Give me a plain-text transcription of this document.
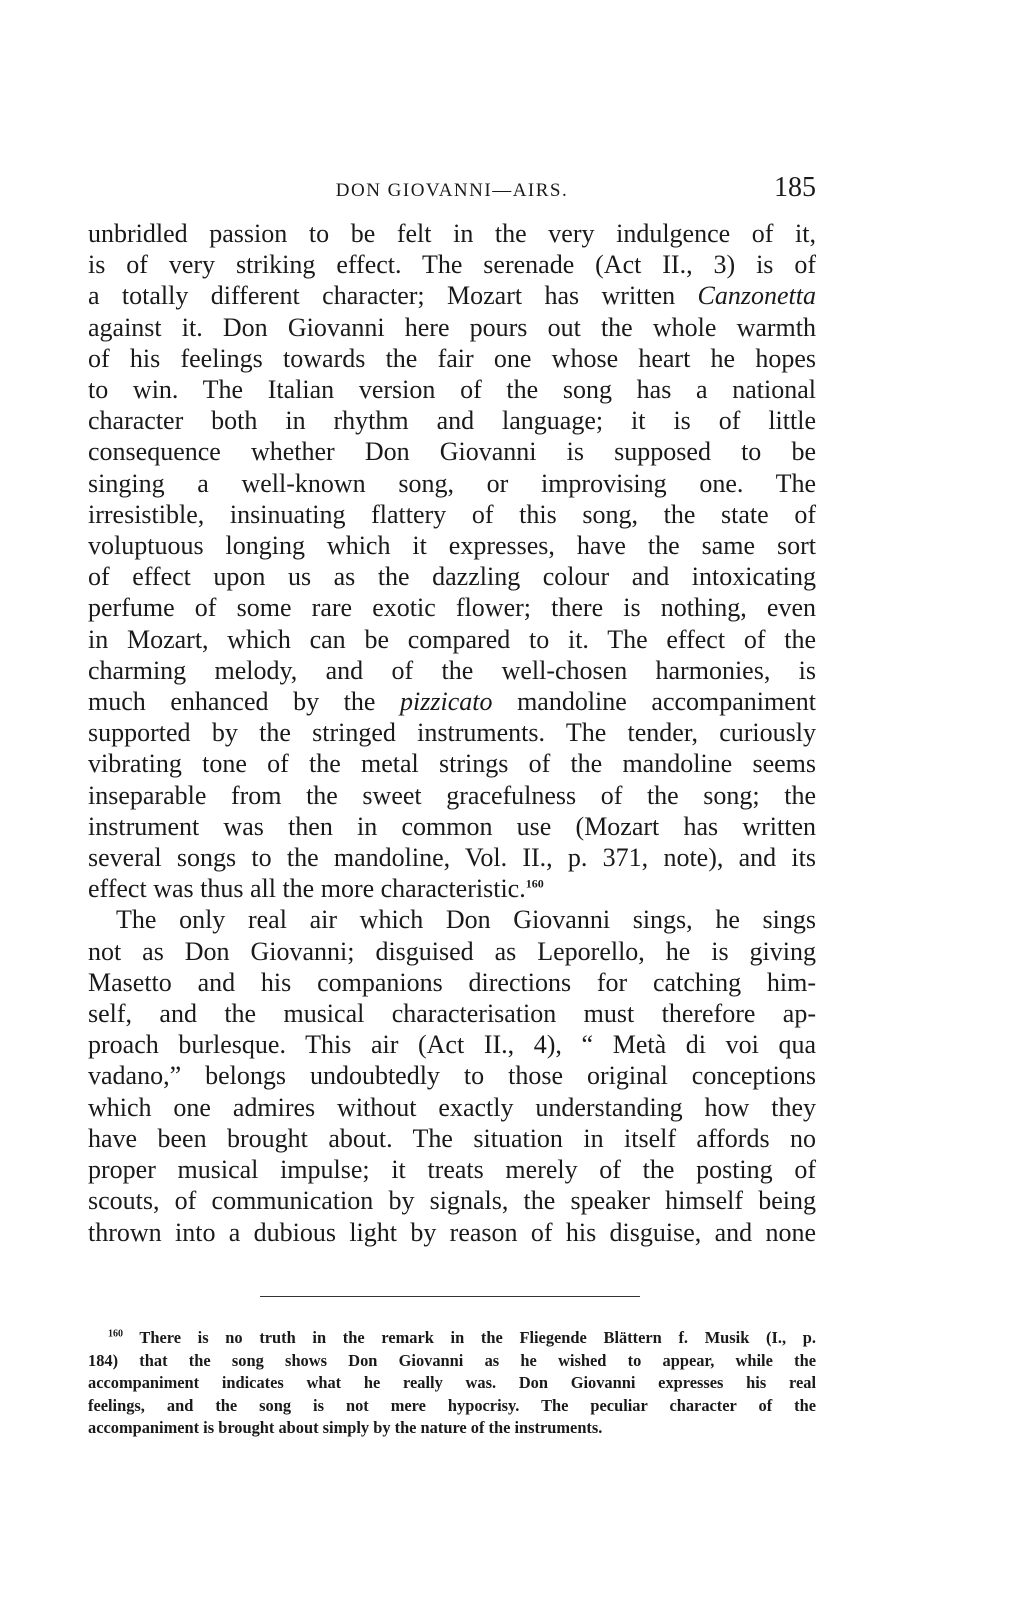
DON GIOVANNI—AIRS.	185
unbridled passion to be felt in the very indulgence of it,
is of very striking effect. The serenade (Act II., 3) is of
a totally different character; Mozart has written Canzonetta
against it. Don Giovanni here pours out the whole warmth
of his feelings towards the fair one whose heart he hopes
to win. The Italian version of the song has a national
character both in rhythm and language; it is of little
consequence whether Don Giovanni is supposed to be
singing a well-known song, or improvising one. The
irresistible, insinuating flattery of this song, the state of
voluptuous longing which it expresses, have the same sort
of effect upon us as the dazzling colour and intoxicating
perfume of some rare exotic flower; there is nothing, even
in Mozart, which can be compared to it. The effect of the
charming melody, and of the well-chosen harmonies, is
much enhanced by the pizzicato mandoline accompaniment
supported by the stringed instruments. The tender, curiously
vibrating tone of the metal strings of the mandoline seems
inseparable from the sweet gracefulness of the song; the
instrument was then in common use (Mozart has written
several songs to the mandoline, Vol. II., p. 371, note), and its
effect was thus all the more characteristic.$^{160}$
The only real air which Don Giovanni sings, he sings
not as Don Giovanni; disguised as Leporello, he is giving
Masetto and his companions directions for catching him-
self, and the musical characterisation must therefore ap-
proach burlesque. This air (Act II., 4), “ Metà di voi qua
vadano,” belongs undoubtedly to those original conceptions
which one admires without exactly understanding how they
have been brought about. The situation in itself affords no
proper musical impulse; it treats merely of the posting of
scouts, of communication by signals, the speaker himself being
thrown into a dubious light by reason of his disguise, and none
$^{160}$ There is no truth in the remark in the Fliegende Blättern f. Musik (I., p.
184) that the song shows Don Giovanni as he wished to appear, while the
accompaniment indicates what he really was. Don Giovanni expresses his real
feelings, and the song is not mere hypocrisy. The peculiar character of the
accompaniment is brought about simply by the nature of the instruments.
